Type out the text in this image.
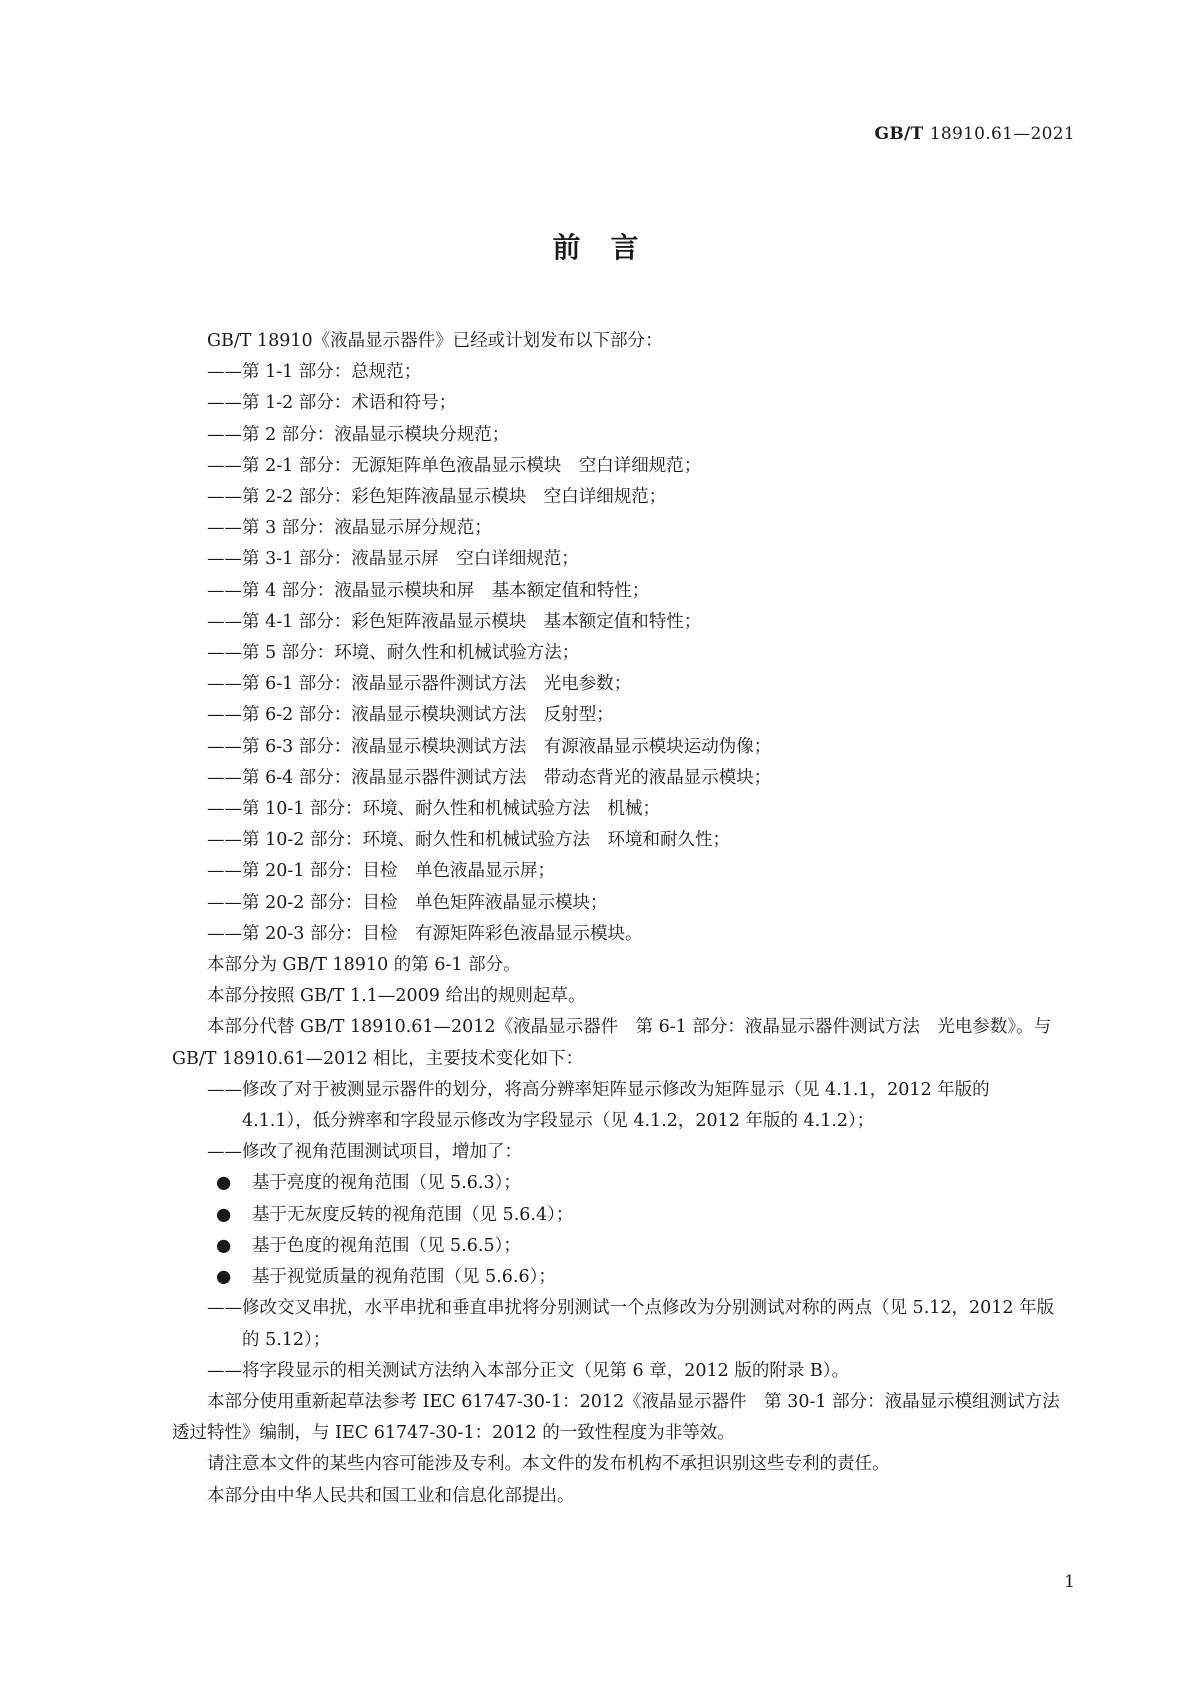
GB/T 18910.61—2021
前言

GB/T 18910《液晶显示器件》已经或计划发布以下部分：

——第 1-1 部分：总规范；

——第 1-2 部分：术语和符号；

——第 2 部分：液晶显示模块分规范；

——第 2-1 部分：无源矩阵单色液晶显示模块　空白详细规范；

——第 2-2 部分：彩色矩阵液晶显示模块　空白详细规范；

——第 3 部分：液晶显示屏分规范；

——第 3-1 部分：液晶显示屏　空白详细规范；

——第 4 部分：液晶显示模块和屏　基本额定值和特性；

——第 4-1 部分：彩色矩阵液晶显示模块　基本额定值和特性；

——第 5 部分：环境、耐久性和机械试验方法；

——第 6-1 部分：液晶显示器件测试方法　光电参数；

——第 6-2 部分：液晶显示模块测试方法　反射型；

——第 6-3 部分：液晶显示模块测试方法　有源液晶显示模块运动伪像；

——第 6-4 部分：液晶显示器件测试方法　带动态背光的液晶显示模块；

——第 10-1 部分：环境、耐久性和机械试验方法　机械；

——第 10-2 部分：环境、耐久性和机械试验方法　环境和耐久性；

——第 20-1 部分：目检　单色液晶显示屏；

——第 20-2 部分：目检　单色矩阵液晶显示模块；

——第 20-3 部分：目检　有源矩阵彩色液晶显示模块。

本部分为 GB/T 18910 的第 6-1 部分。

本部分按照 GB/T 1.1—2009 给出的规则起草。

本部分代替 GB/T 18910.61—2012《液晶显示器件　第 6-1 部分：液晶显示器件测试方法　光电参数》。与 GB/T 18910.61—2012 相比，主要技术变化如下：

——修改了对于被测显示器件的划分，将高分辨率矩阵显示修改为矩阵显示（见 4.1.1，2012 年版的 4.1.1），低分辨率和字段显示修改为字段显示（见 4.1.2，2012 年版的 4.1.2）；

——修改了视角范围测试项目，增加了：

● 基于亮度的视角范围（见 5.6.3）；

● 基于无灰度反转的视角范围（见 5.6.4）；

● 基于色度的视角范围（见 5.6.5）；

● 基于视觉质量的视角范围（见 5.6.6）；

——修改交叉串扰，水平串扰和垂直串扰将分别测试一个点修改为分别测试对称的两点（见 5.12，2012 年版的 5.12）；

——将字段显示的相关测试方法纳入本部分正文（见第 6 章，2012 版的附录 B）。

本部分使用重新起草法参考 IEC 61747-30-1：2012《液晶显示器件　第 30-1 部分：液晶显示模组测试方法　透过特性》编制，与 IEC 61747-30-1：2012 的一致性程度为非等效。

请注意本文件的某些内容可能涉及专利。本文件的发布机构不承担识别这些专利的责任。

本部分由中华人民共和国工业和信息化部提出。

1
